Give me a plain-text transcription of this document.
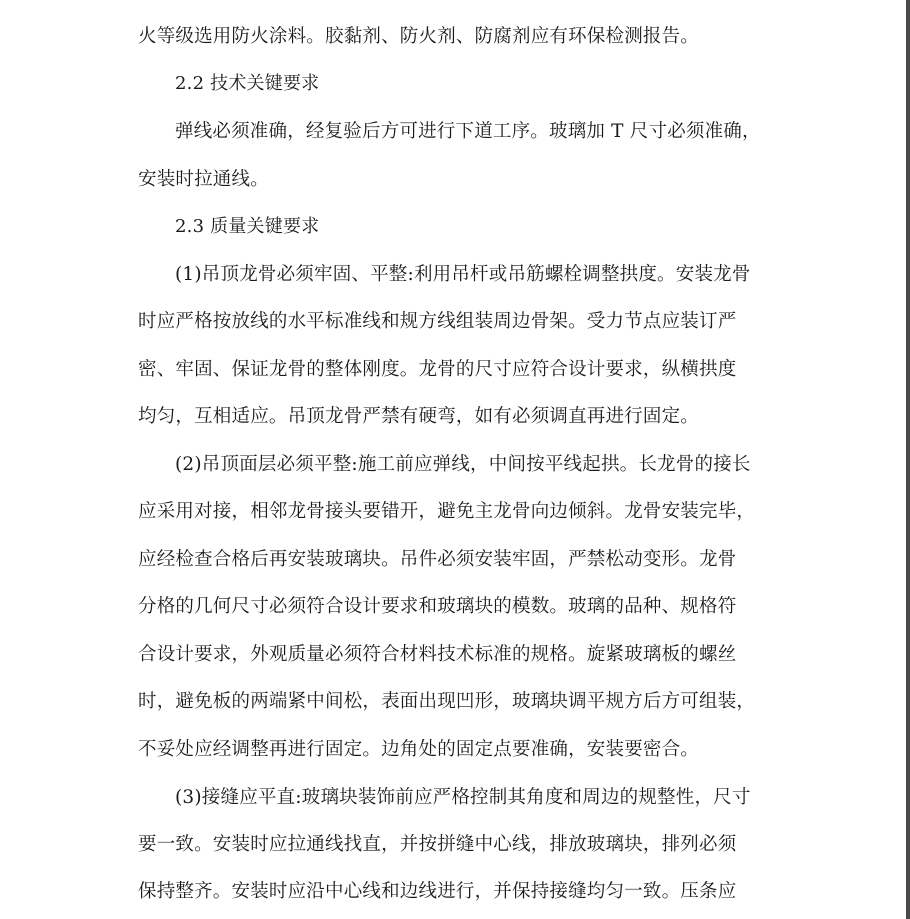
火等级选用防火涂料。胶黏剂、防火剂、防腐剂应有环保检测报告。
2.2 技术关键要求
弹线必须准确，经复验后方可进行下道工序。玻璃加 T 尺寸必须准确，
安装时拉通线。
2.3 质量关键要求
(1)吊顶龙骨必须牢固、平整:利用吊杆或吊筋螺栓调整拱度。安装龙骨
时应严格按放线的水平标准线和规方线组装周边骨架。受力节点应装订严
密、牢固、保证龙骨的整体刚度。龙骨的尺寸应符合设计要求，纵横拱度
均匀，互相适应。吊顶龙骨严禁有硬弯，如有必须调直再进行固定。
(2)吊顶面层必须平整:施工前应弹线，中间按平线起拱。长龙骨的接长
应采用对接，相邻龙骨接头要错开，避免主龙骨向边倾斜。龙骨安装完毕，
应经检查合格后再安装玻璃块。吊件必须安装牢固，严禁松动变形。龙骨
分格的几何尺寸必须符合设计要求和玻璃块的模数。玻璃的品种、规格符
合设计要求，外观质量必须符合材料技术标准的规格。旋紧玻璃板的螺丝
时，避免板的两端紧中间松，表面出现凹形，玻璃块调平规方后方可组装，
不妥处应经调整再进行固定。边角处的固定点要准确，安装要密合。
(3)接缝应平直:玻璃块装饰前应严格控制其角度和周边的规整性，尺寸
要一致。安装时应拉通线找直，并按拼缝中心线，排放玻璃块，排列必须
保持整齐。安装时应沿中心线和边线进行，并保持接缝均匀一致。压条应
